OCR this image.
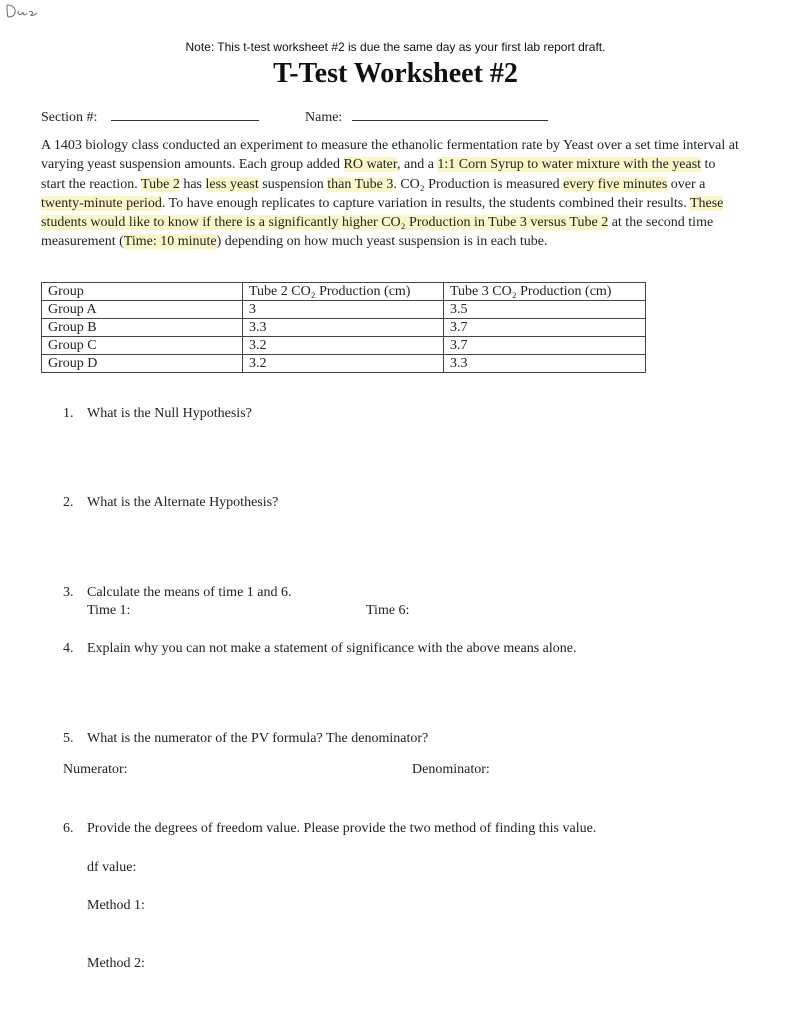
Note: This t-test worksheet #2 is due the same day as your first lab report draft.
T-Test Worksheet #2
Section #:	Name:
A 1403 biology class conducted an experiment to measure the ethanolic fermentation rate by Yeast over a set time interval at varying yeast suspension amounts. Each group added RO water, and a 1:1 Corn Syrup to water mixture with the yeast to start the reaction. Tube 2 has less yeast suspension than Tube 3. CO₂ Production is measured every five minutes over a twenty-minute period. To have enough replicates to capture variation in results, the students combined their results. These students would like to know if there is a significantly higher CO₂ Production in Tube 3 versus Tube 2 at the second time measurement (Time: 10 minute) depending on how much yeast suspension is in each tube.
Group	Tube 2 CO₂ Production (cm)	Tube 3 CO₂ Production (cm)
Group A	3	3.5
Group B	3.3	3.7
Group C	3.2	3.7
Group D	3.2	3.3
1. What is the Null Hypothesis?
2. What is the Alternate Hypothesis?
3. Calculate the means of time 1 and 6.
Time 1:	Time 6:
4. Explain why you can not make a statement of significance with the above means alone.
5. What is the numerator of the PV formula? The denominator?
Numerator:	Denominator:
6. Provide the degrees of freedom value. Please provide the two method of finding this value.
df value:
Method 1:
Method 2:
